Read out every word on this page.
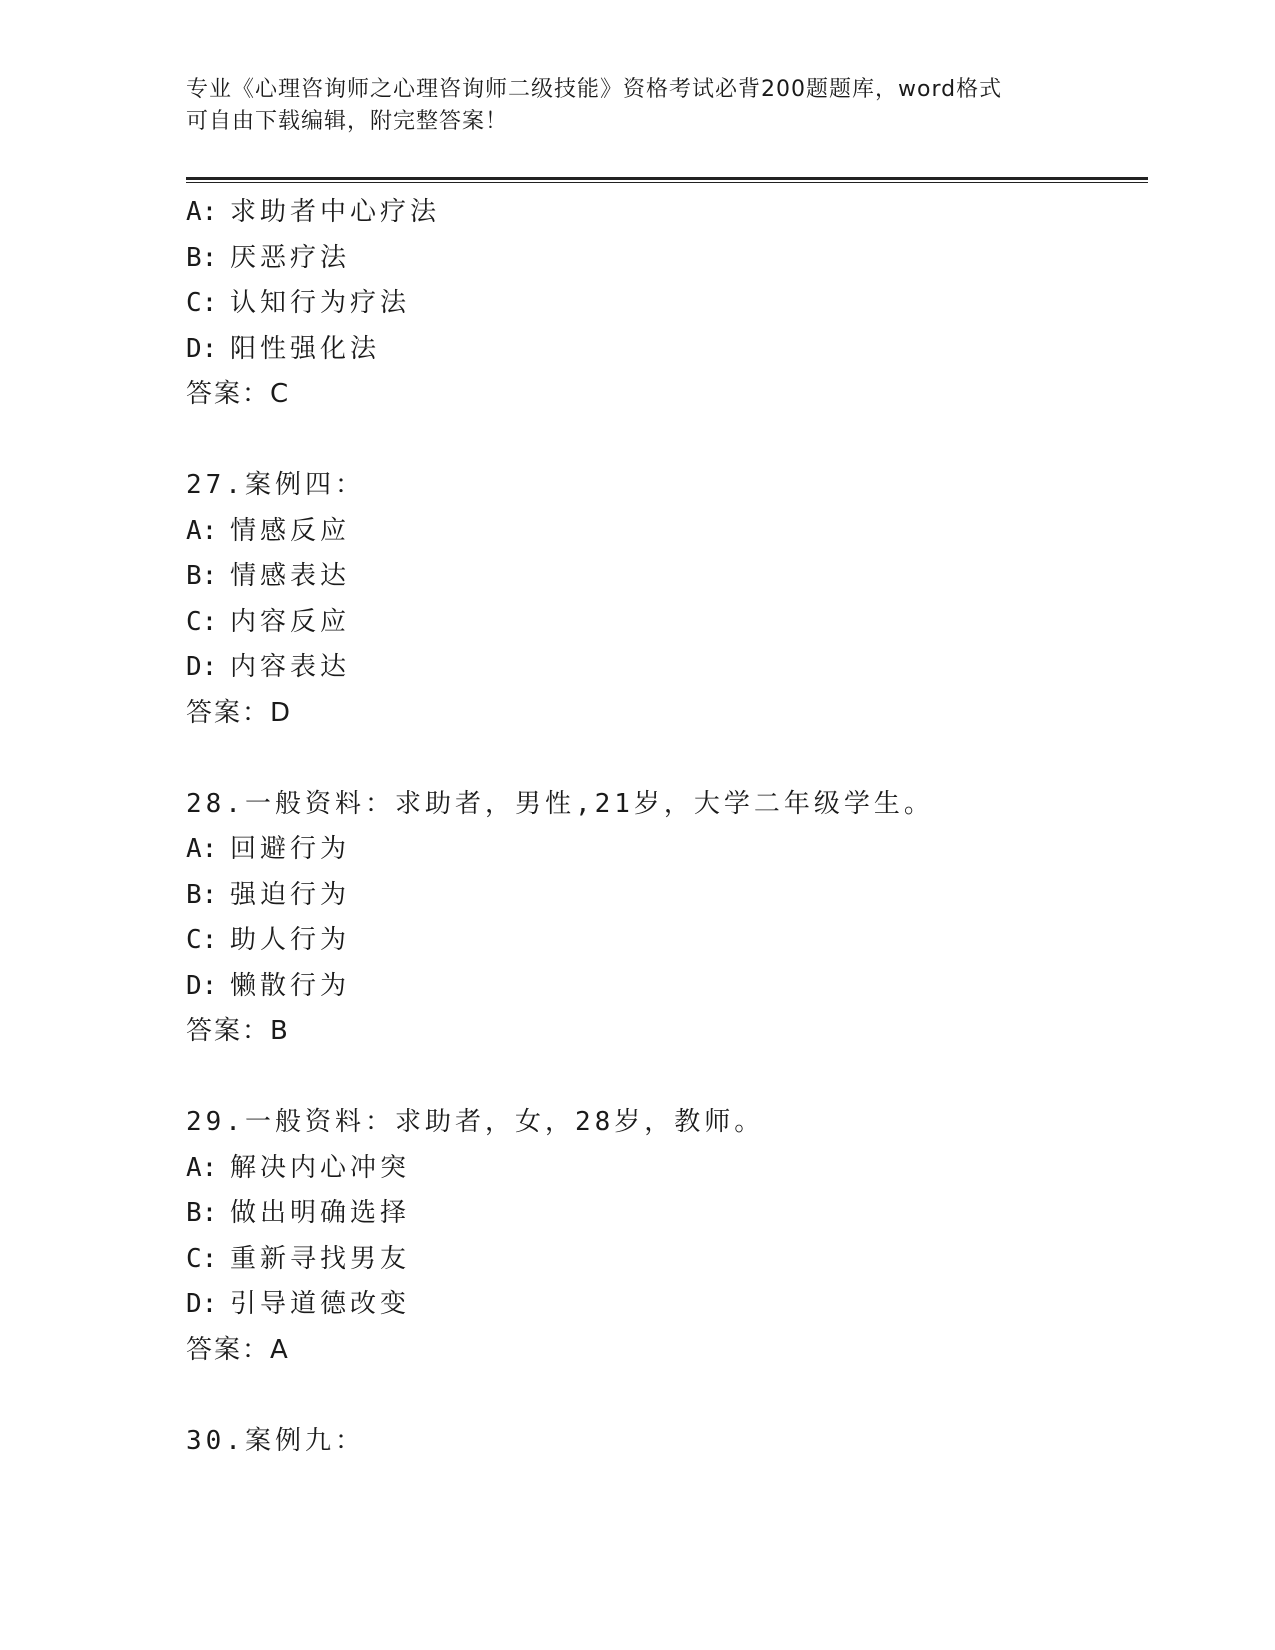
专业《心理咨询师之心理咨询师二级技能》资格考试必背200题题库，word格式
可自由下载编辑，附完整答案！
A: 求助者中心疗法
B: 厌恶疗法
C: 认知行为疗法
D: 阳性强化法
答案：C
27.案例四：
A: 情感反应
B: 情感表达
C: 内容反应
D: 内容表达
答案：D
28.一般资料：求助者，男性,21岁，大学二年级学生。
A: 回避行为
B: 强迫行为
C: 助人行为
D: 懒散行为
答案：B
29.一般资料：求助者，女，28岁，教师。
A: 解决内心冲突
B: 做出明确选择
C: 重新寻找男友
D: 引导道德改变
答案：A
30.案例九：
